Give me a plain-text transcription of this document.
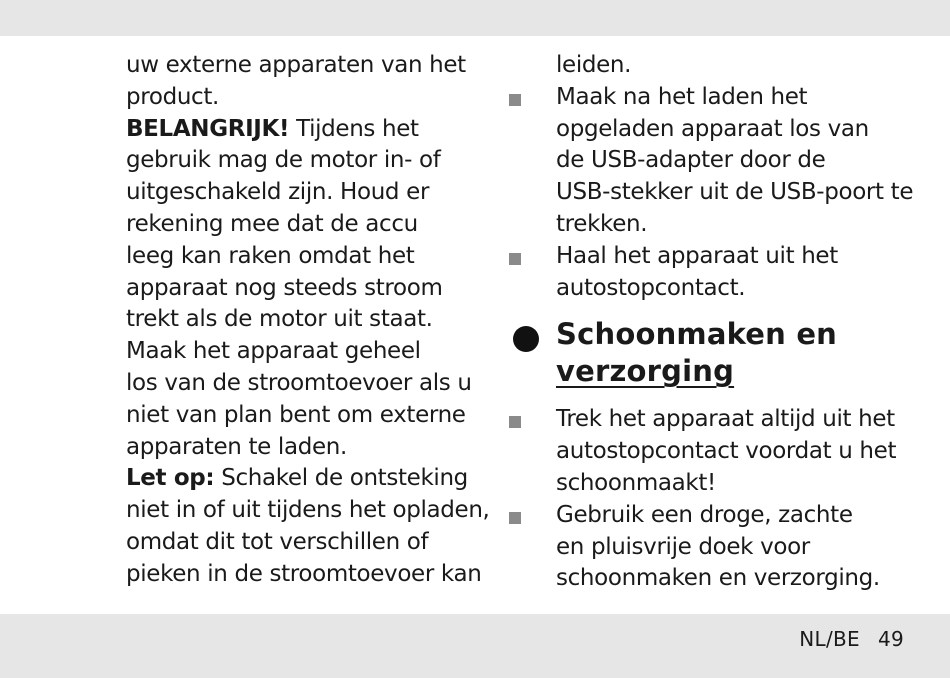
uw externe apparaten van het
product.
BELANGRIJK! Tijdens het
gebruik mag de motor in- of
uitgeschakeld zijn. Houd er
rekening mee dat de accu
leeg kan raken omdat het
apparaat nog steeds stroom
trekt als de motor uit staat.
Maak het apparaat geheel
los van de stroomtoevoer als u
niet van plan bent om externe
apparaten te laden.
Let op: Schakel de ontsteking
niet in of uit tijdens het opladen,
omdat dit tot verschillen of
pieken in de stroomtoevoer kan
leiden.
Maak na het laden het
opgeladen apparaat los van
de USB-adapter door de
USB-stekker uit de USB-poort te
trekken.
Haal het apparaat uit het
autostopcontact.
Schoonmaken en
verzorging
Trek het apparaat altijd uit het
autostopcontact voordat u het
schoonmaakt!
Gebruik een droge, zachte
en pluisvrije doek voor
schoonmaken en verzorging.
NL/BE 49
